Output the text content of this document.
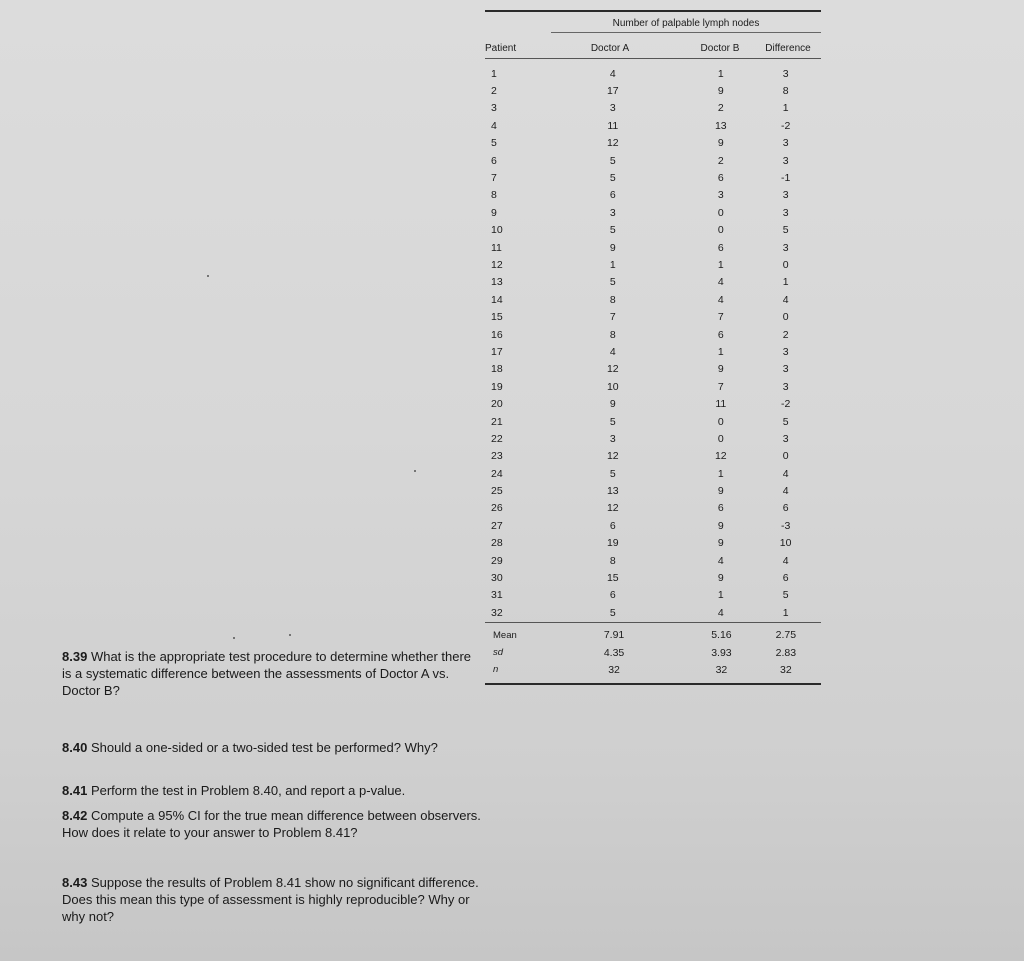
Number of palpable lymph nodes
Patient	Doctor A	Doctor B	Difference
1	4	1	3
2	17	9	8
3	3	2	1
4	11	13	-2
5	12	9	3
6	5	2	3
7	5	6	-1
8	6	3	3
9	3	0	3
10	5	0	5
11	9	6	3
12	1	1	0
13	5	4	1
14	8	4	4
15	7	7	0
16	8	6	2
17	4	1	3
18	12	9	3
19	10	7	3
20	9	11	-2
21	5	0	5
22	3	0	3
23	12	12	0
24	5	1	4
25	13	9	4
26	12	6	6
27	6	9	-3
28	19	9	10
29	8	4	4
30	15	9	6
31	6	1	5
32	5	4	1
Mean	7.91	5.16	2.75
sd	4.35	3.93	2.83
n	32	32	32
8.39 What is the appropriate test procedure to determine whether there is a systematic difference between the assessments of Doctor A vs. Doctor B?
8.40 Should a one-sided or a two-sided test be performed? Why?
8.41 Perform the test in Problem 8.40, and report a p-value.
8.42 Compute a 95% CI for the true mean difference between observers. How does it relate to your answer to Problem 8.41?
8.43 Suppose the results of Problem 8.41 show no significant difference. Does this mean this type of assessment is highly reproducible? Why or why not?
